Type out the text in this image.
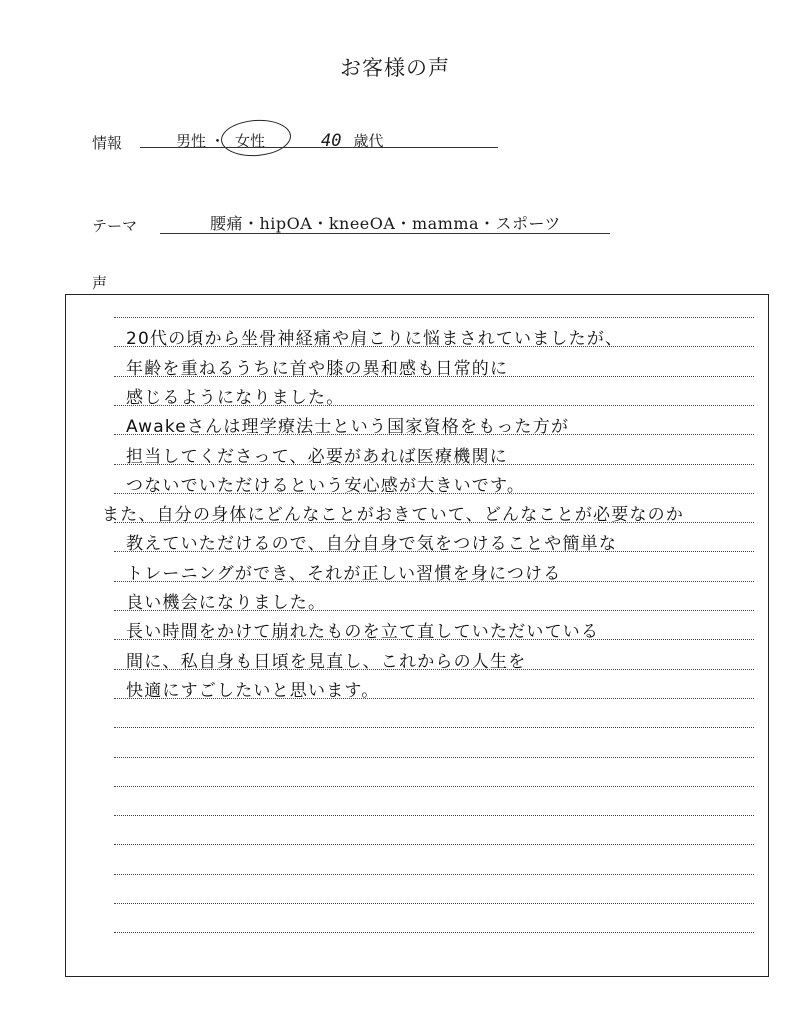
お客様の声
情報	男性 ・ 女性	40 歳代
テーマ	腰痛・hipOA・kneeOA・mamma・スポーツ
声
20代の頃から坐骨神経痛や肩こりに悩まされていましたが、
年齢を重ねるうちに首や膝の異和感も日常的に
感じるようになりました。
Awakeさんは理学療法士という国家資格をもった方が
担当してくださって、必要があれば医療機関に
つないでいただけるという安心感が大きいです。
また、自分の身体にどんなことがおきていて、どんなことが必要なのか
教えていただけるので、自分自身で気をつけることや簡単な
トレーニングができ、それが正しい習慣を身につける
良い機会になりました。
長い時間をかけて崩れたものを立て直していただいている
間に、私自身も日頃を見直し、これからの人生を
快適にすごしたいと思います。
